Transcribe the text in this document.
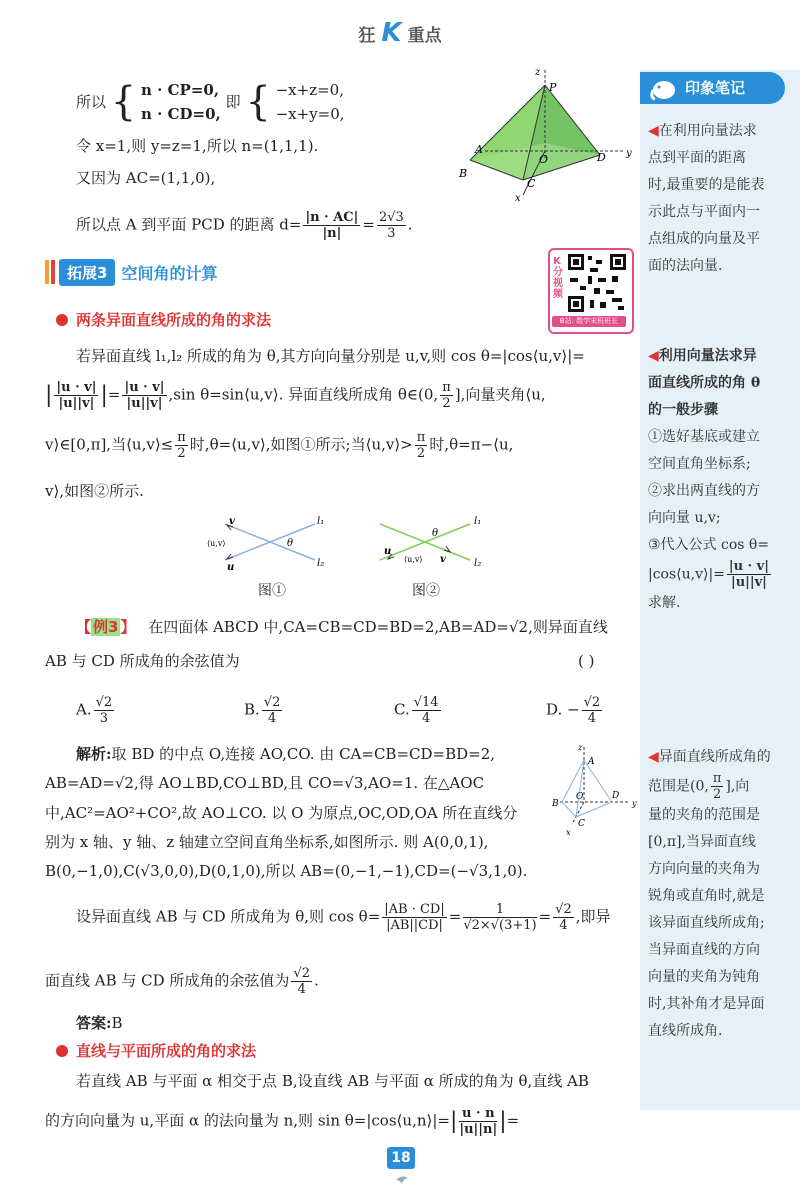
狂 K 重点
印象笔记
所以 { n · CP=0,
n · CD=0,
即 { −x+z=0,
−x+y=0,
令 x=1,则 y=z=1,所以 n=(1,1,1).
又因为 AC=(1,1,0),
所以点 A 到平面 PCD 的距离 $d= \frac{|n \cdot AC|}{|n|} = \frac{2√3}{3}$ .
P
A
B
C
D
O
x
y
z
◀在利用向量法求
点到平面的距离
时,最重要的是能表
示此点与平面内一
点组成的向量及平
面的法向量.
拓展3 空间角的计算
K分视频
B站: 数学宋班班长
两条异面直线所成的角的求法
若异面直线 l₁,l₂ 所成的角为 θ,其方向向量分别是 u,v,则 cos θ=|cos⟨u,v⟩|=
| $\frac{|u \cdot v|}{|u||v|}$ |= $\frac{|u \cdot v|}{|u||v|} ,\sin$ θ=sin⟨u,v⟩. 异面直线所成角 θ∈(0, $\frac{\pi}{2}$ ],向量夹角⟨u,
v⟩∈[0,π],当⟨u,v⟩≤ $\frac{\pi}{2}$ 时,θ=⟨u,v⟩,如图①所示;当⟨u,v⟩> $\frac{\pi}{2}$ 时,θ=π−⟨u,
v⟩,如图②所示.
v
u
⟨u,v⟩	θ
l₁
l₂
图①
u
v
⟨u,v⟩
θ
l₁
l₂
图②
◀利用向量法求异
面直线所成的角 θ
的一般步骤
①选好基底或建立
空间直角坐标系;
②求出两直线的方
向向量 u,v;
③代入公式 cos θ=
|cos⟨u,v⟩|= $\frac{|u \cdot v|}{|u||v|}$

求解.
【 例3 】 在四面体 ABCD 中,CA=CB=CD=BD=2,AB=AD=√2,则异面直线
AB 与 CD 所成角的余弦值为	( )
A. $\frac{√2}{3}$	B. $\frac{√2}{4}$	C. $\frac{√14}{4}$	D. − $\frac{√2}{4}$
解析:取 BD 的中点 O,连接 AO,CO. 由 CA=CB=CD=BD=2,
AB=AD=√2,得 AO⊥BD,CO⊥BD,且 CO=√3,AO=1. 在△AOC
中,AC²=AO²+CO²,故 AO⊥CO. 以 O 为原点,OC,OD,OA 所在直线分
别为 x 轴、y 轴、z 轴建立空间直角坐标系,如图所示. 则 A(0,0,1),
B(0,−1,0),C(√3,0,0),D(0,1,0),所以 AB=(0,−1,−1),CD=(−√3,1,0).
设异面直线 AB 与 CD 所成角为 θ,则 $\cos \theta= \frac{|AB \cdot CD|}{|AB||CD|} = \frac{1}{√2\times√(3+1)} = \frac{√2}{4}$ ,即异
面直线 AB 与 CD 所成角的余弦值为 $\frac{√2}{4}$ .
答案:B
A
B
C
D
O
x
y
z
◀异面直线所成角的
范围是(0, $\frac{\pi}{2}$ ],向
量的夹角的范围是
[0,π],当异面直线
方向向量的夹角为
锐角或直角时,就是
该异面直线所成角;
当异面直线的方向
向量的夹角为钝角
时,其补角才是异面
直线所成角.
直线与平面所成的角的求法
若直线 AB 与平面 α 相交于点 B,设直线 AB 与平面 α 所成的角为 θ,直线 AB
的方向向量为 u,平面 α 的法向量为 n,则 sin θ=|cos⟨u,n⟩|=| $\frac{u \cdot n}{|u||n|}$ |=
18
